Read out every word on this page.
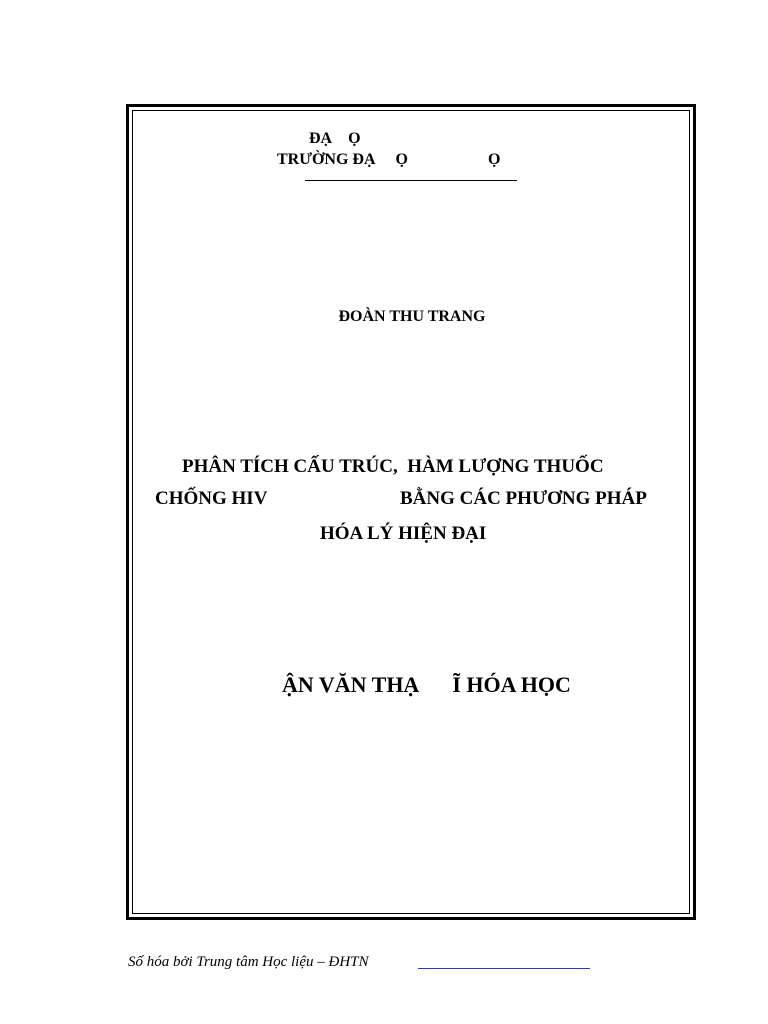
ĐẠ    Ọ
TRƯỜNG ĐẠ     Ọ                    Ọ
ĐOÀN THU TRANG
PHÂN TÍCH CẤU TRÚC,  HÀM LƯỢNG THUỐC
CHỐNG HIV	BẰNG CÁC PHƯƠNG PHÁP
HÓA LÝ HIỆN ĐẠI
ẬN VĂN THẠ      Ĩ HÓA HỌC
Số hóa bởi Trung tâm Học liệu – ĐHTN
